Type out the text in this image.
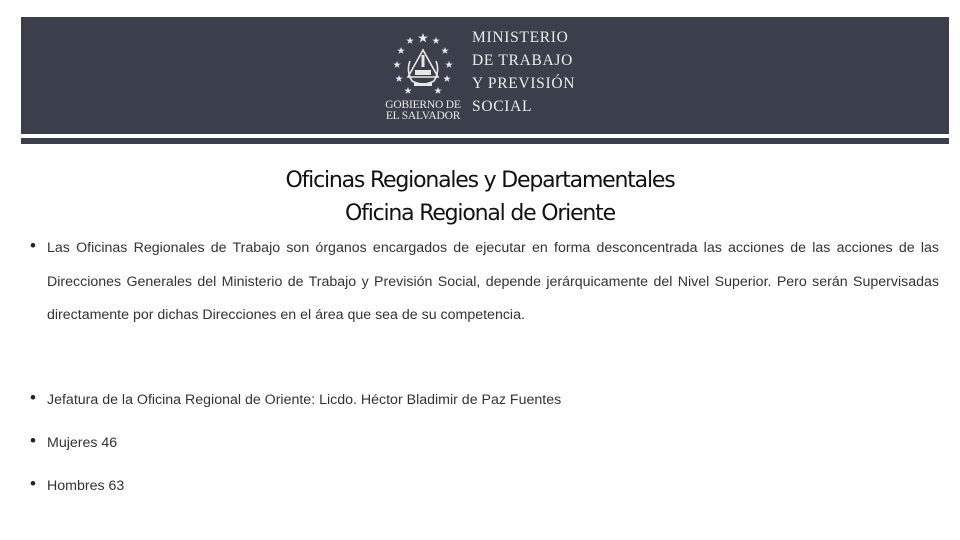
GOBIERNO DE
EL SALVADOR
MINISTERIO
DE TRABAJO
Y PREVISIÓN
SOCIAL
Oficinas Regionales y Departamentales
Oficina Regional de Oriente
• Las Oficinas Regionales de Trabajo son órganos encargados de ejecutar en forma desconcentrada las acciones de las acciones de las Direcciones Generales del Ministerio de Trabajo y Previsión Social, depende jerárquicamente del Nivel Superior. Pero serán Supervisadas directamente por dichas Direcciones en el área que sea de su competencia.
• Jefatura de la Oficina Regional de Oriente: Licdo. Héctor Bladimir de Paz Fuentes
• Mujeres 46
• Hombres 63
